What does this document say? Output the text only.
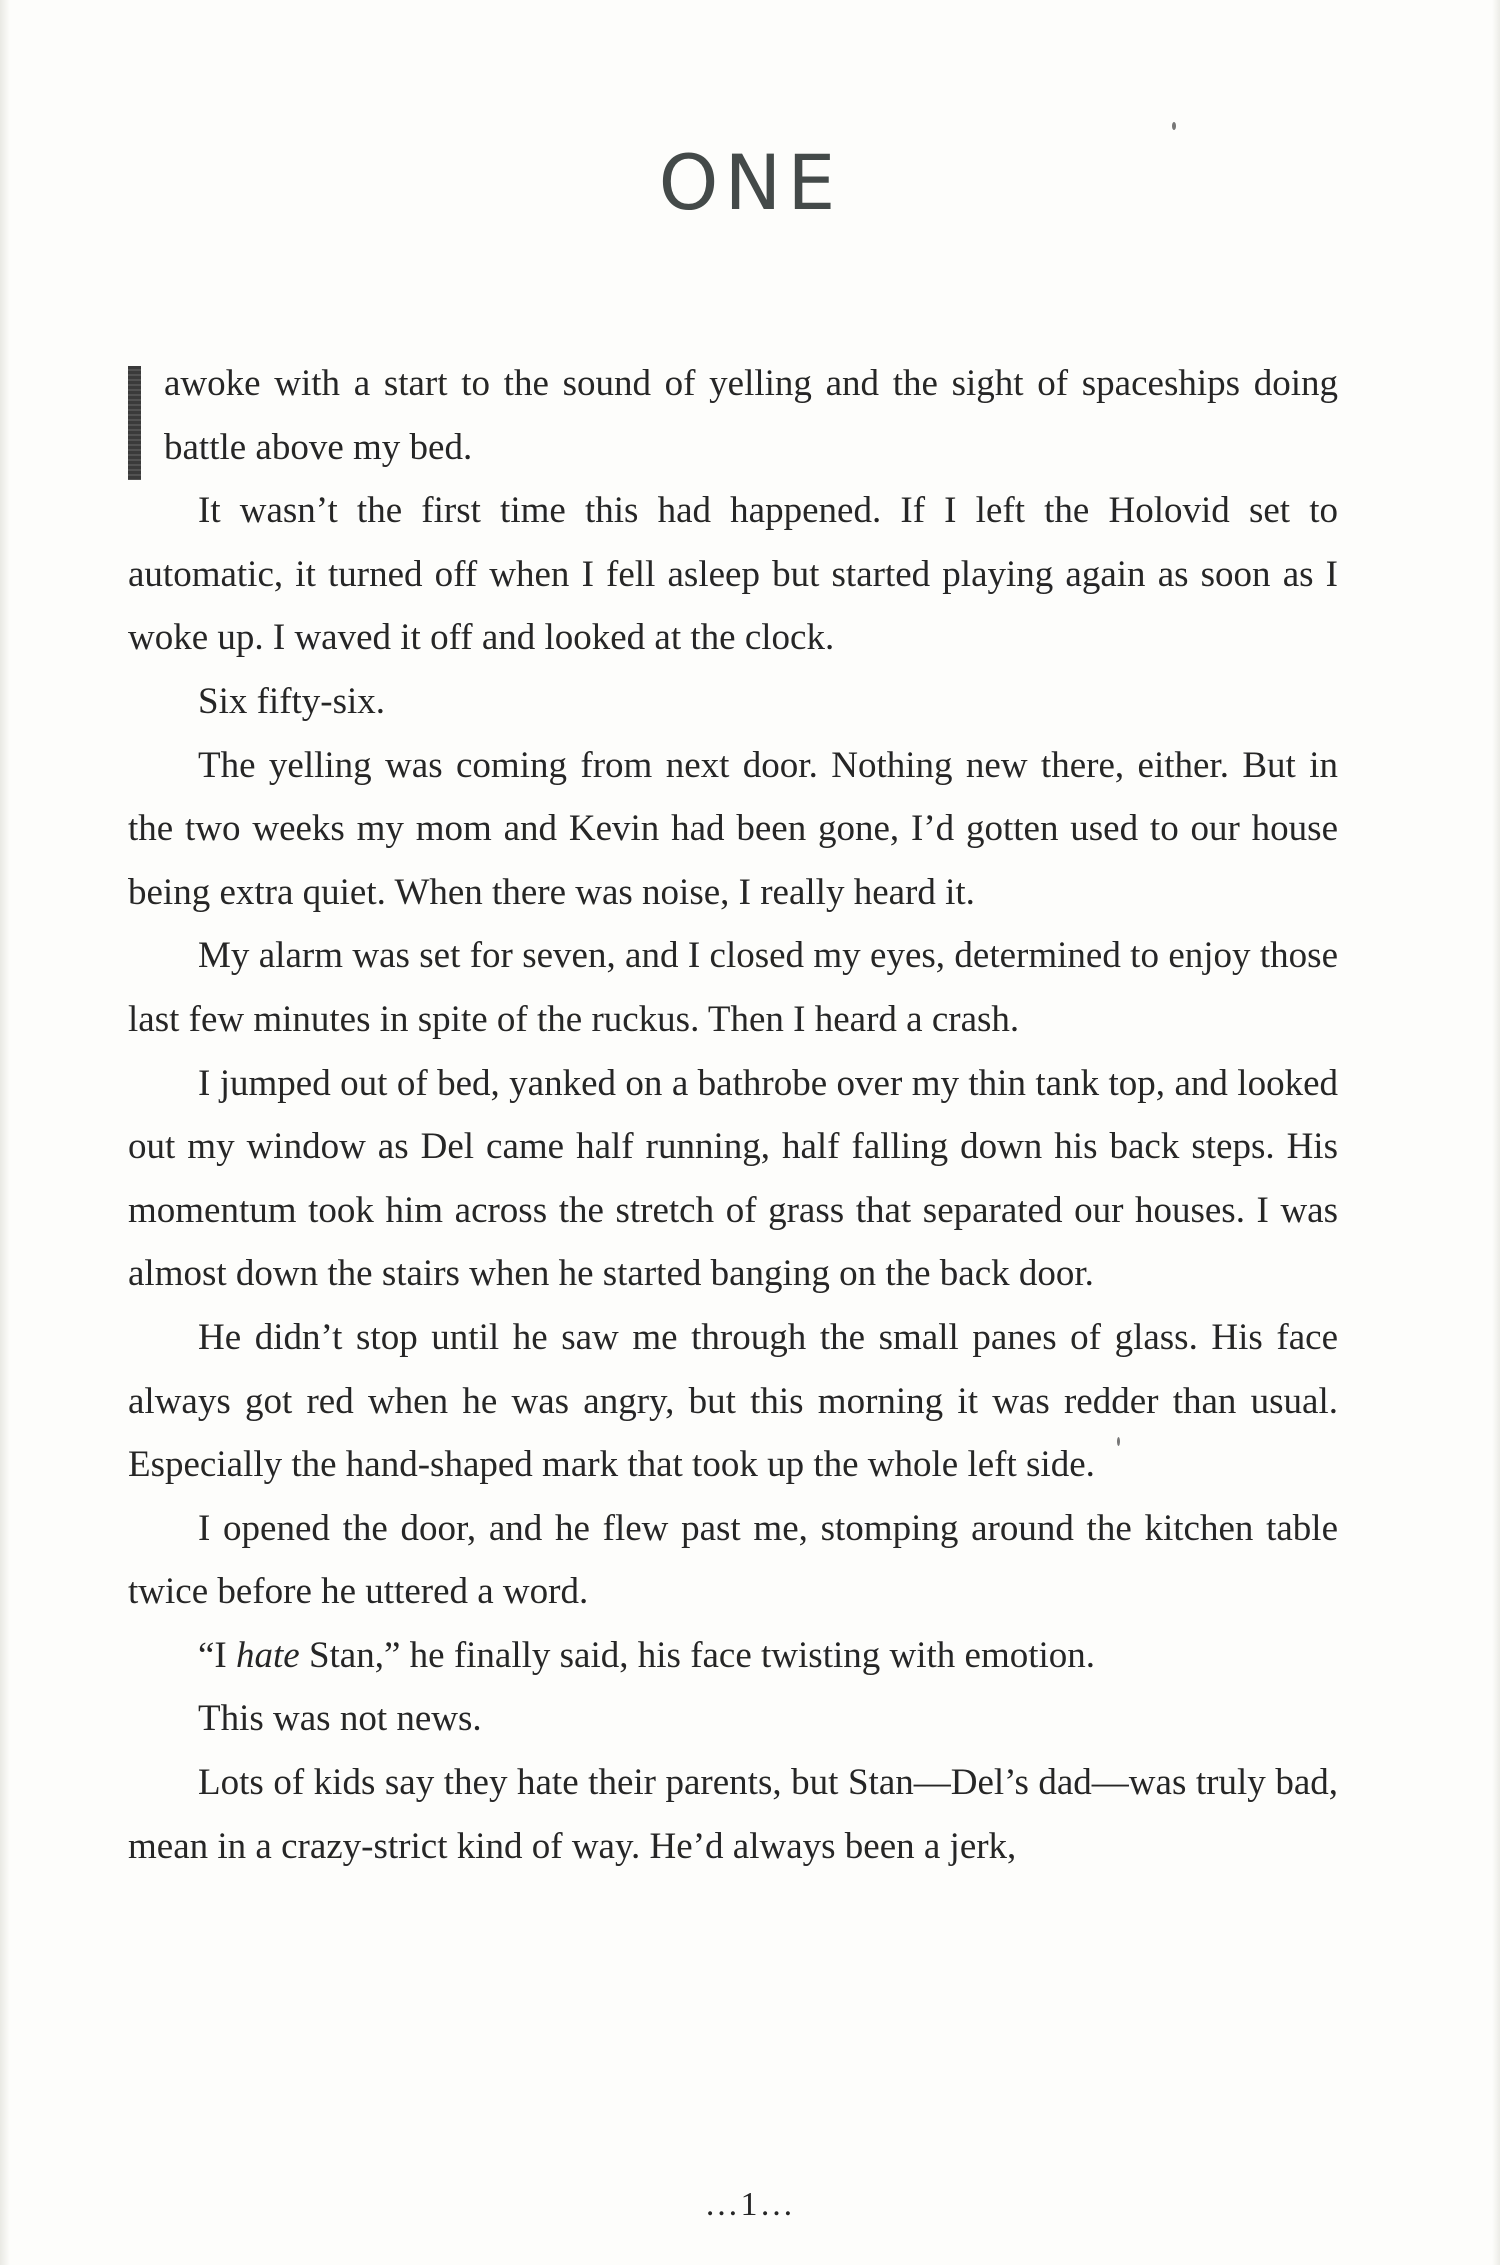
ONE

awoke with a start to the sound of yelling and the sight of spaceships doing battle above my bed.

It wasn’t the first time this had happened. If I left the Holovid set to automatic, it turned off when I fell asleep but started playing again as soon as I woke up. I waved it off and looked at the clock.

Six fifty-six.

The yelling was coming from next door. Nothing new there, either. But in the two weeks my mom and Kevin had been gone, I’d gotten used to our house being extra quiet. When there was noise, I really heard it.

My alarm was set for seven, and I closed my eyes, determined to enjoy those last few minutes in spite of the ruckus. Then I heard a crash.

I jumped out of bed, yanked on a bathrobe over my thin tank top, and looked out my window as Del came half running, half falling down his back steps. His momentum took him across the stretch of grass that separated our houses. I was almost down the stairs when he started banging on the back door.

He didn’t stop until he saw me through the small panes of glass. His face always got red when he was angry, but this morning it was redder than usual. Especially the hand-shaped mark that took up the whole left side.

I opened the door, and he flew past me, stomping around the kitchen table twice before he uttered a word.

“I hate Stan,” he finally said, his face twisting with emotion.

This was not news.

Lots of kids say they hate their parents, but Stan—Del’s dad—was truly bad, mean in a crazy-strict kind of way. He’d always been a jerk,

…1…
